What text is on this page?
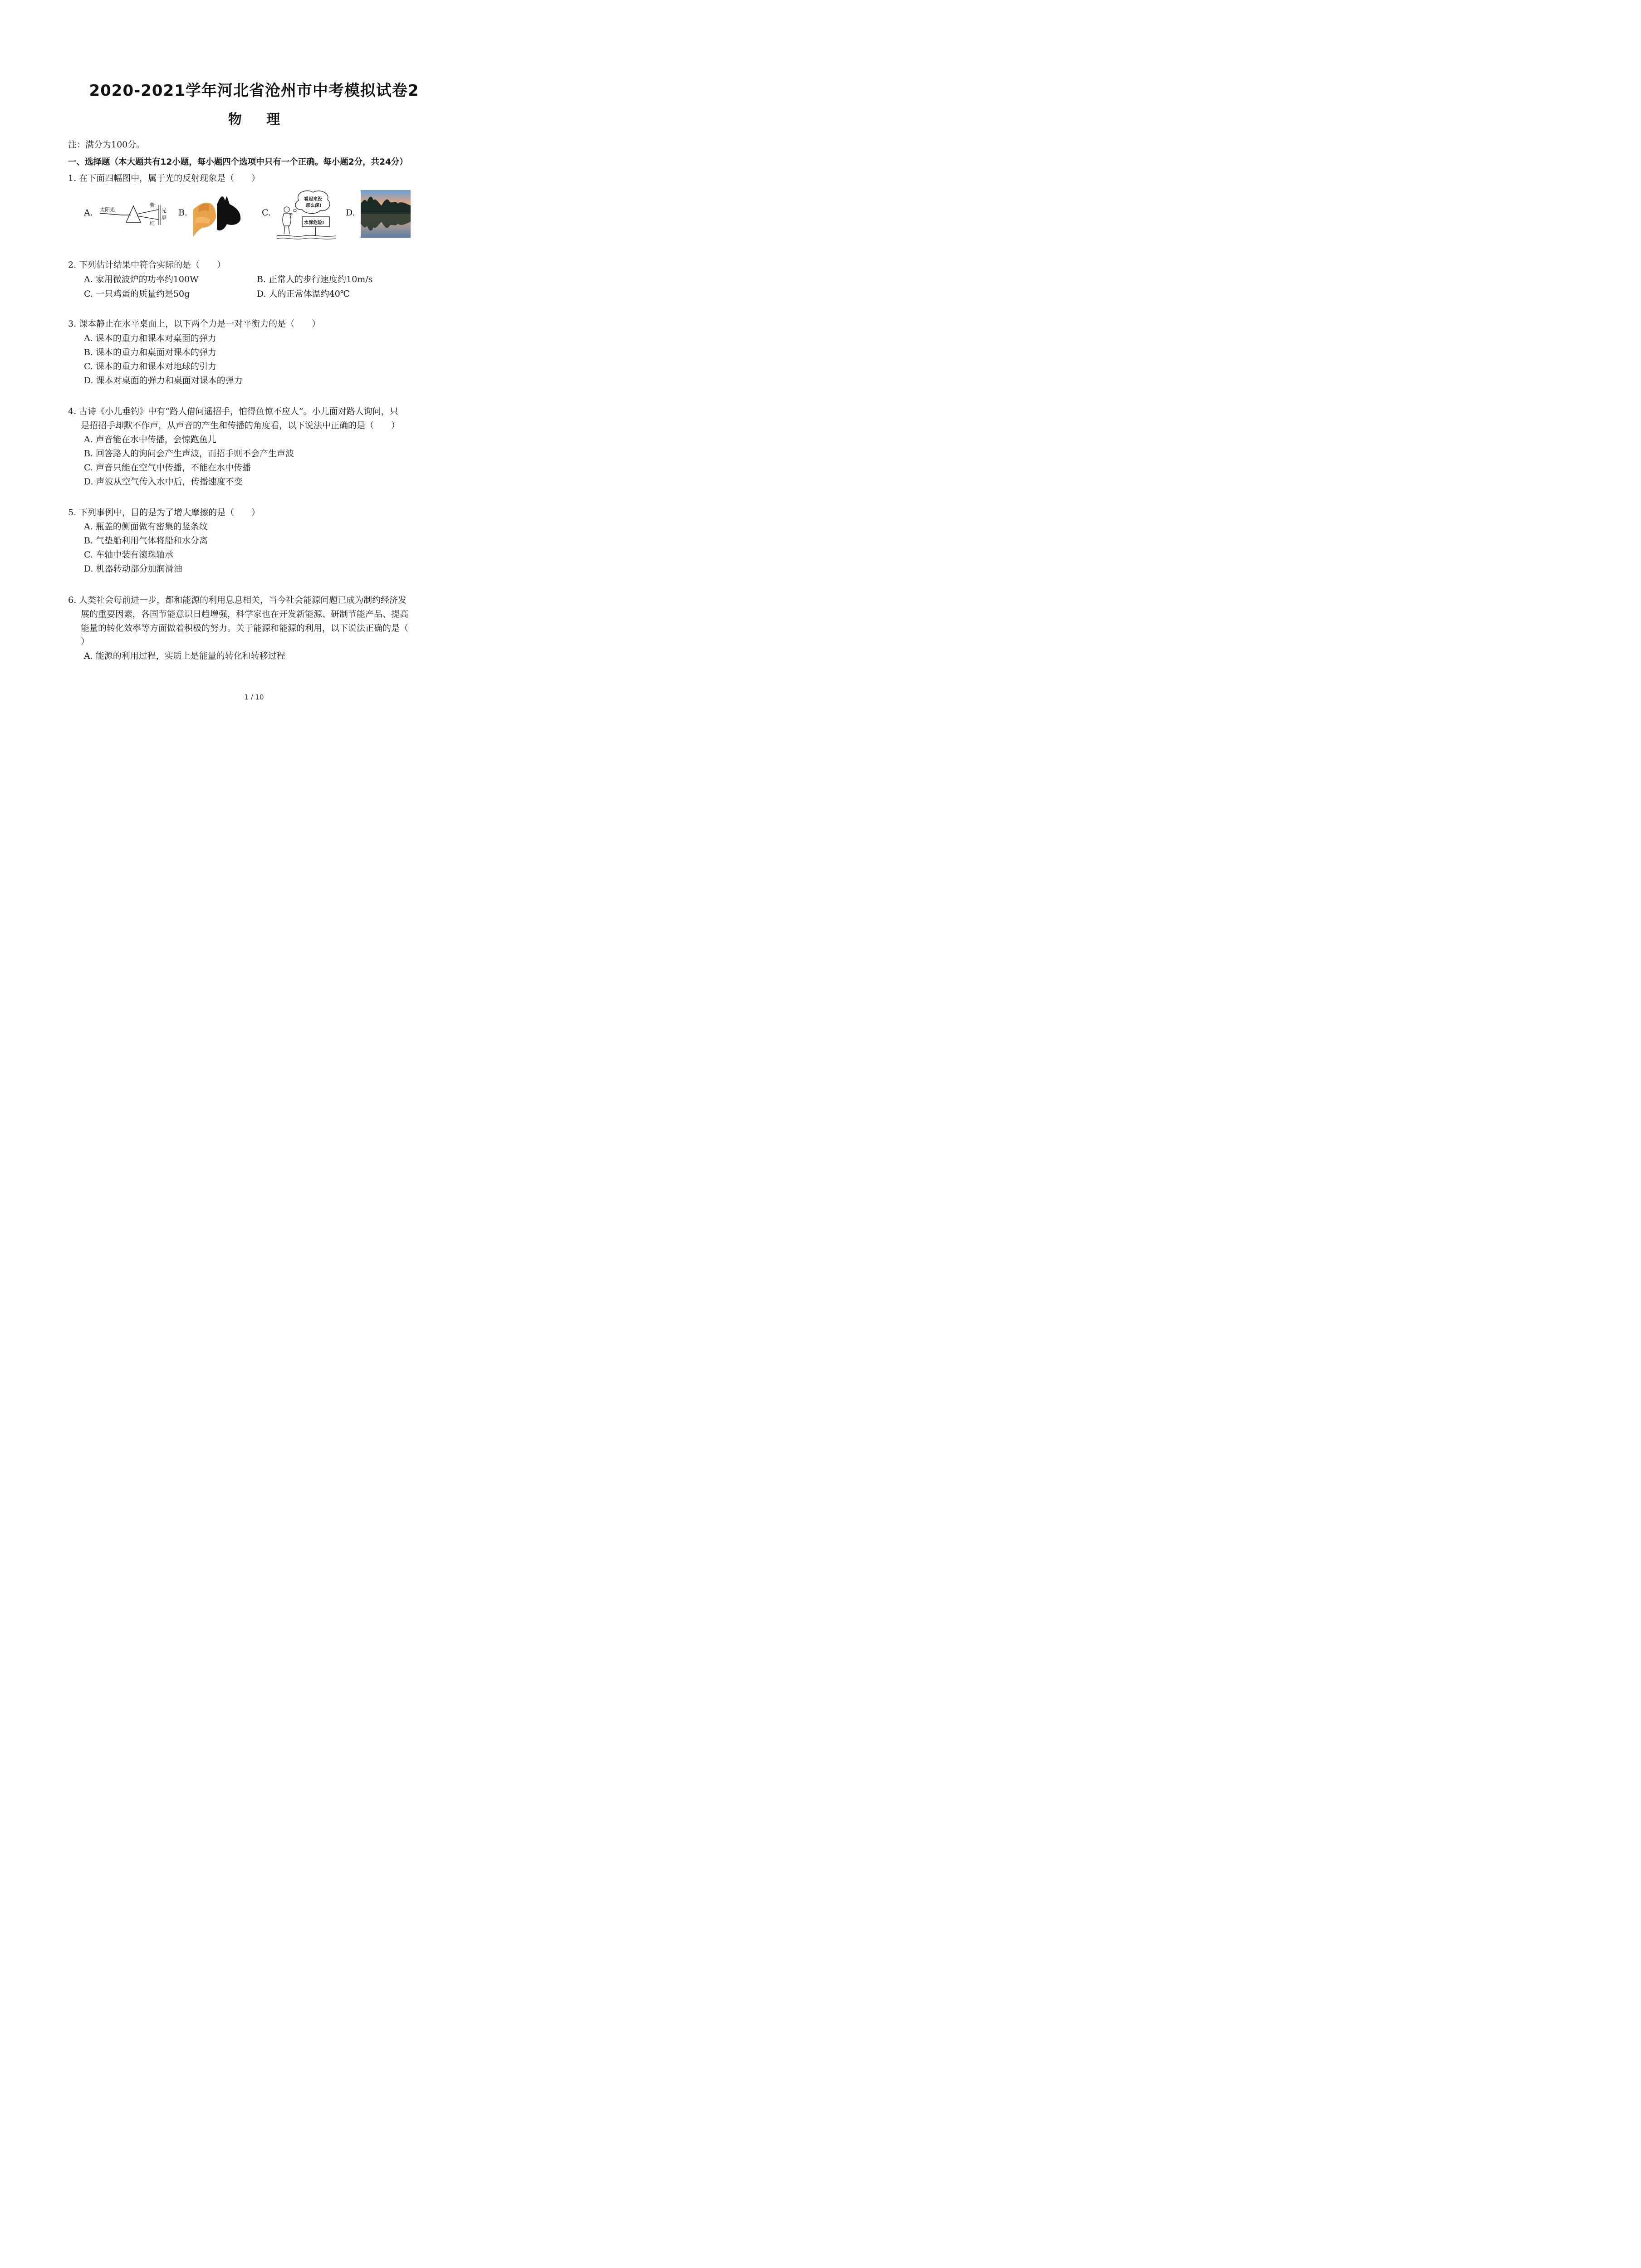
2020-2021学年河北省沧州市中考模拟试卷2
物 理
注：满分为100分。
一、选择题（本大题共有12小题，每小题四个选项中只有一个正确。每小题2分，共24分）
1. 在下面四幅图中，属于光的反射现象是（　　）
A.	B.	C.	D.
太阳光
紫
红
光
屏
看起来没
那么深!
水深危险!
2. 下列估计结果中符合实际的是（　　）
A. 家用微波炉的功率约100W	B. 正常人的步行速度约10m/s
C. 一只鸡蛋的质量约是50g	D. 人的正常体温约40℃
3. 课本静止在水平桌面上，以下两个力是一对平衡力的是（　　）
A. 课本的重力和课本对桌面的弹力
B. 课本的重力和桌面对课本的弹力
C. 课本的重力和课本对地球的引力
D. 课本对桌面的弹力和桌面对课本的弹力
4. 古诗《小儿垂钓》中有“路人借问遥招手，怕得鱼惊不应人”。小儿面对路人询问，只
是招招手却默不作声，从声音的产生和传播的角度看，以下说法中正确的是（　　）
A. 声音能在水中传播，会惊跑鱼儿
B. 回答路人的询问会产生声波，而招手则不会产生声波
C. 声音只能在空气中传播，不能在水中传播
D. 声波从空气传入水中后，传播速度不变
5. 下列事例中，目的是为了增大摩擦的是（　　）
A. 瓶盖的侧面做有密集的竖条纹
B. 气垫船利用气体将船和水分离
C. 车轴中装有滚珠轴承
D. 机器转动部分加润滑油
6. 人类社会每前进一步，都和能源的利用息息相关，当今社会能源问题已成为制约经济发
展的重要因素，各国节能意识日趋增强，科学家也在开发新能源、研制节能产品、提高
能量的转化效率等方面做着积极的努力。关于能源和能源的利用，以下说法正确的是（
）
A. 能源的利用过程，实质上是能量的转化和转移过程
1 / 10
